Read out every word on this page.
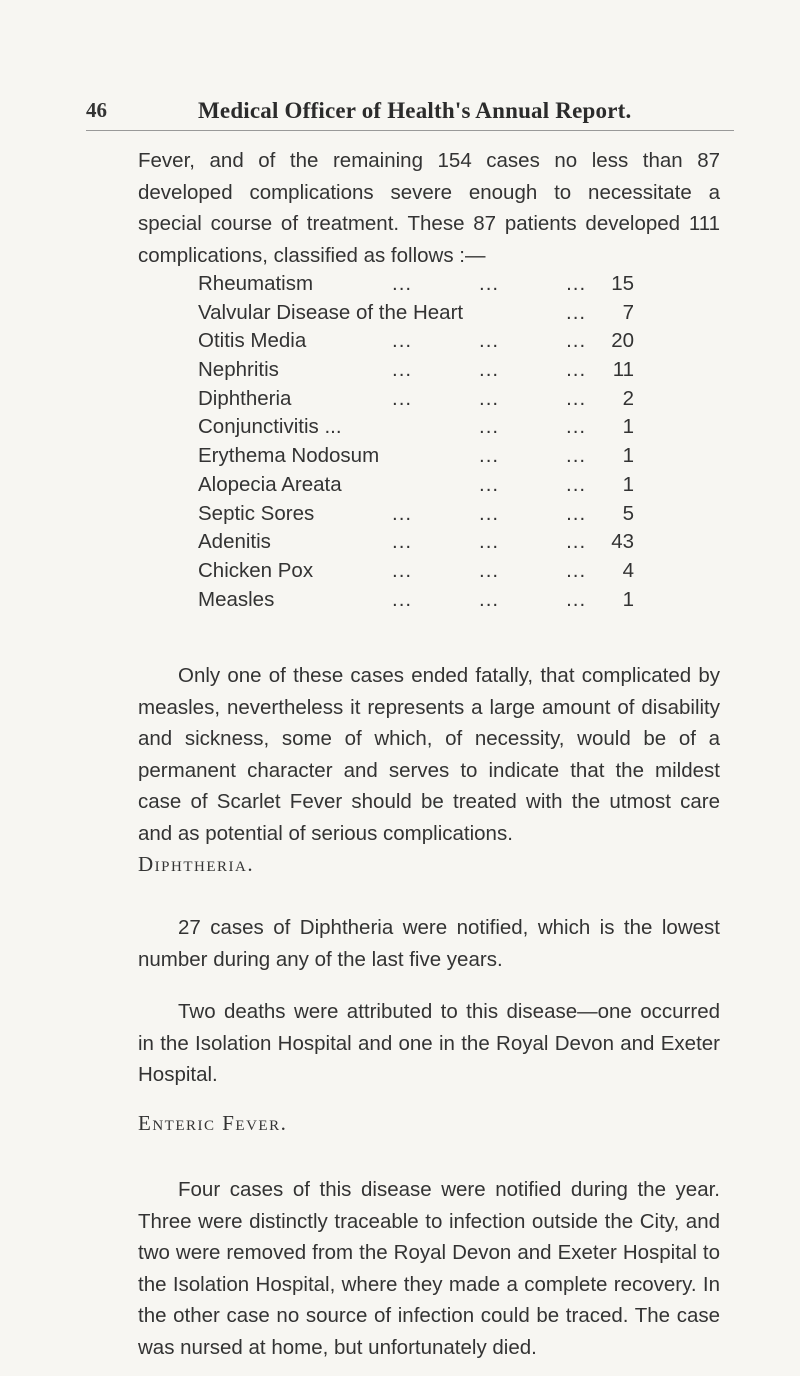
46	Medical Officer of Health's Annual Report.

Fever, and of the remaining 154 cases no less than 87 developed complications severe enough to necessitate a special course of treatment. These 87 patients developed 111 complications, classified as follows :—

Rheumatism	...          ...          ... 15
Valvular Disease of the Heart	... 7
Otitis Media	...          ...          ... 20
Nephritis	...          ...          ... 11
Diphtheria	...          ...          ... 2
Conjunctivitis ...	...          ... 1
Erythema Nodosum	...          ... 1
Alopecia Areata	...          ... 1
Septic Sores	...          ...          ... 5
Adenitis	...          ...          ... 43
Chicken Pox	...          ...          ... 4
Measles	...          ...          ... 1

Only one of these cases ended fatally, that complicated by measles, nevertheless it represents a large amount of disability and sickness, some of which, of necessity, would be of a permanent character and serves to indicate that the mildest case of Scarlet Fever should be treated with the utmost care and as potential of serious complications.

Diphtheria.

27 cases of Diphtheria were notified, which is the lowest number during any of the last five years.

Two deaths were attributed to this disease—one occurred in the Isolation Hospital and one in the Royal Devon and Exeter Hospital.

Enteric Fever.

Four cases of this disease were notified during the year. Three were distinctly traceable to infection outside the City, and two were removed from the Royal Devon and Exeter Hospital to the Isolation Hospital, where they made a complete recovery. In the other case no source of infection could be traced. The case was nursed at home, but unfortunately died.
